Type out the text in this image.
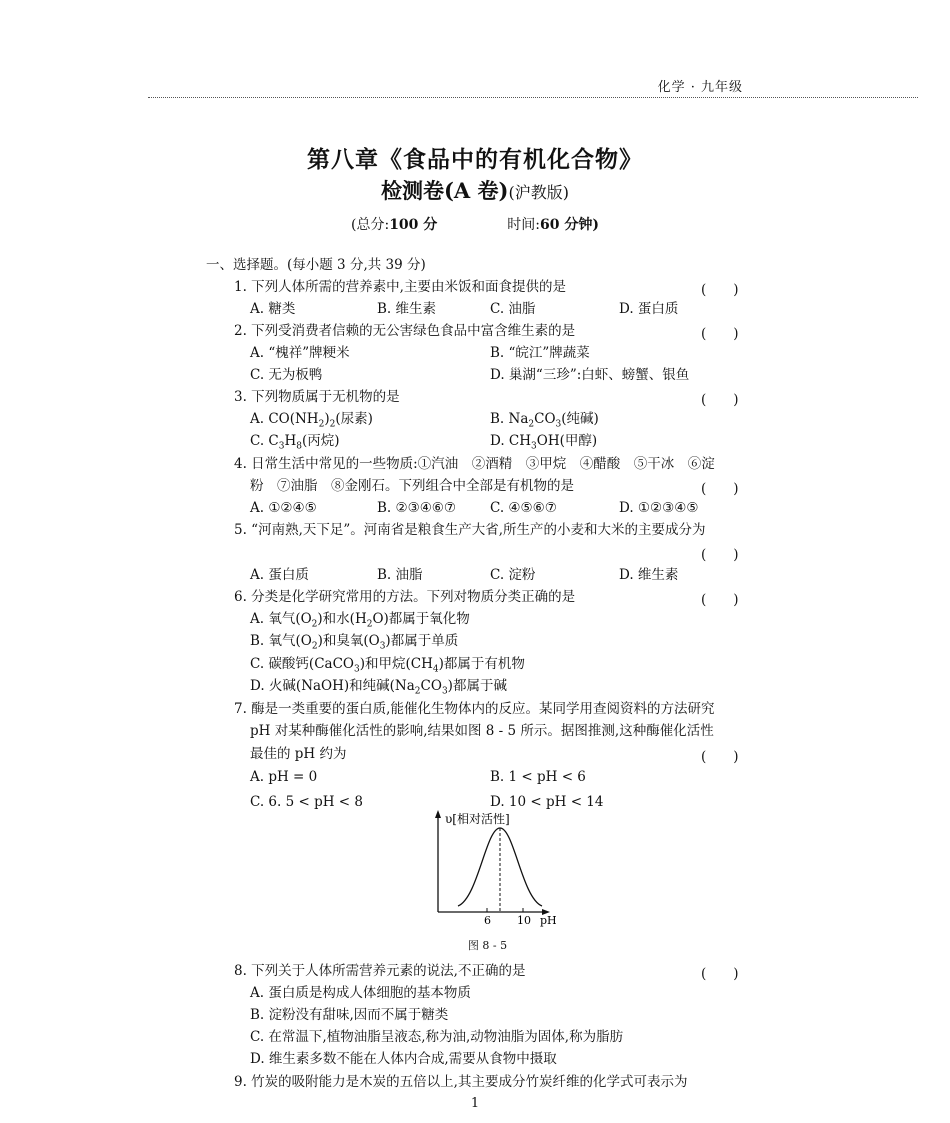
化学 · 九年级
第八章《食品中的有机化合物》
检测卷(A 卷)(沪教版)
(总分:100 分	时间:60 分钟)
一、选择题。(每小题 3 分,共 39 分)
1. 下列人体所需的营养素中,主要由米饭和面食提供的是	(　　)
A. 糖类	B. 维生素	C. 油脂	D. 蛋白质
2. 下列受消费者信赖的无公害绿色食品中富含维生素的是	(　　)
A. “槐祥”牌粳米	B. “皖江”牌蔬菜
C. 无为板鸭	D. 巢湖“三珍”:白虾、螃蟹、银鱼
3. 下列物质属于无机物的是	(　　)
A. $CO(NH_2)_2$(尿素)	B. $Na_2CO_3$(纯碱)
C. $C_3H_8$(丙烷)	D. $CH_3OH$(甲醇)
4. 日常生活中常见的一些物质:①汽油　②酒精　③甲烷　④醋酸　⑤干冰　⑥淀
粉　⑦油脂　⑧金刚石。下列组合中全部是有机物的是	(　　)
A. ①②④⑤	B. ②③④⑥⑦	C. ④⑤⑥⑦	D. ①②③④⑤
5. “河南熟,天下足”。河南省是粮食生产大省,所生产的小麦和大米的主要成分为
(　　)
A. 蛋白质	B. 油脂	C. 淀粉	D. 维生素
6. 分类是化学研究常用的方法。下列对物质分类正确的是	(　　)
A. 氧气$(O_2)$和水$(H_2O)$都属于氧化物
B. 氧气$(O_2)$和臭氧$(O_3)$都属于单质
C. 碳酸钙(CaCO$_3$)和甲烷$(CH_4)$都属于有机物
D. 火碱(NaOH)和纯碱$(Na_2CO_3)$都属于碱
7. 酶是一类重要的蛋白质,能催化生物体内的反应。某同学用查阅资料的方法研究
pH 对某种酶催化活性的影响,结果如图 8 - 5 所示。据图推测,这种酶催化活性
最佳的 pH 约为	(　　)
A. pH = 0	B. 1 < pH < 6
C. 6. 5 < pH < 8	D. 10 < pH < 14
υ[相对活性]
6 10 pH
图 8 - 5
8. 下列关于人体所需营养元素的说法,不正确的是	(　　)
A. 蛋白质是构成人体细胞的基本物质
B. 淀粉没有甜味,因而不属于糖类
C. 在常温下,植物油脂呈液态,称为油,动物油脂为固体,称为脂肪
D. 维生素多数不能在人体内合成,需要从食物中摄取
9. 竹炭的吸附能力是木炭的五倍以上,其主要成分竹炭纤维的化学式可表示为
1
